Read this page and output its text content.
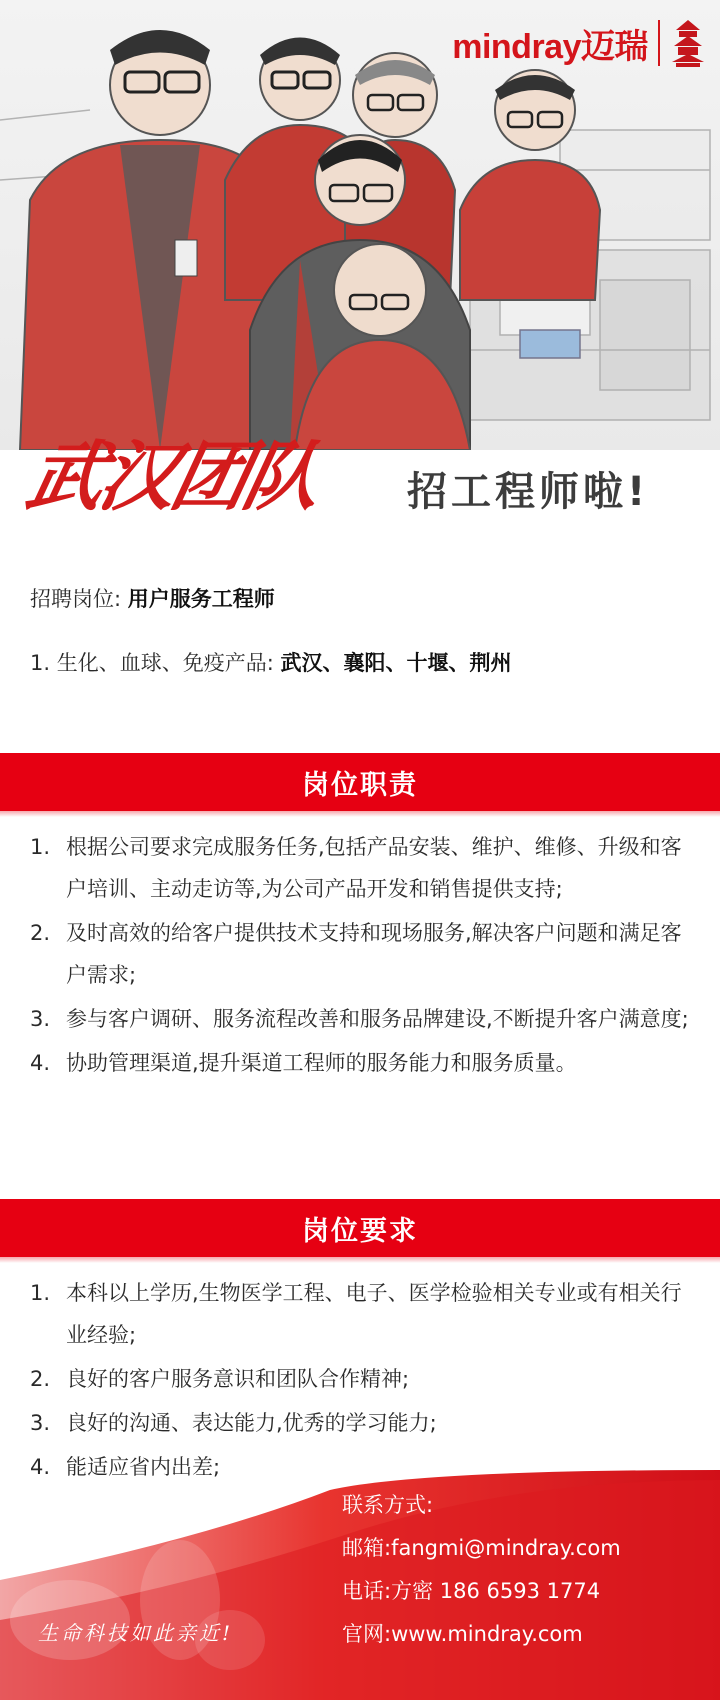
mindray迈瑞
武汉团队 招工程师啦!
招聘岗位: 用户服务工程师
1. 生化、血球、免疫产品: 武汉、襄阳、十堰、荆州
岗位职责
1. 根据公司要求完成服务任务,包括产品安装、维护、维修、升级和客户培训、主动走访等,为公司产品开发和销售提供支持;
2. 及时高效的给客户提供技术支持和现场服务,解决客户问题和满足客户需求;
3. 参与客户调研、服务流程改善和服务品牌建设,不断提升客户满意度;
4. 协助管理渠道,提升渠道工程师的服务能力和服务质量。
岗位要求
1. 本科以上学历,生物医学工程、电子、医学检验相关专业或有相关行业经验;
2. 良好的客户服务意识和团队合作精神;
3. 良好的沟通、表达能力,优秀的学习能力;
4. 能适应省内出差;
联系方式:
邮箱:fangmi@mindray.com
电话:方密 186 6593 1774
官网:www.mindray.com
生命科技如此亲近!
